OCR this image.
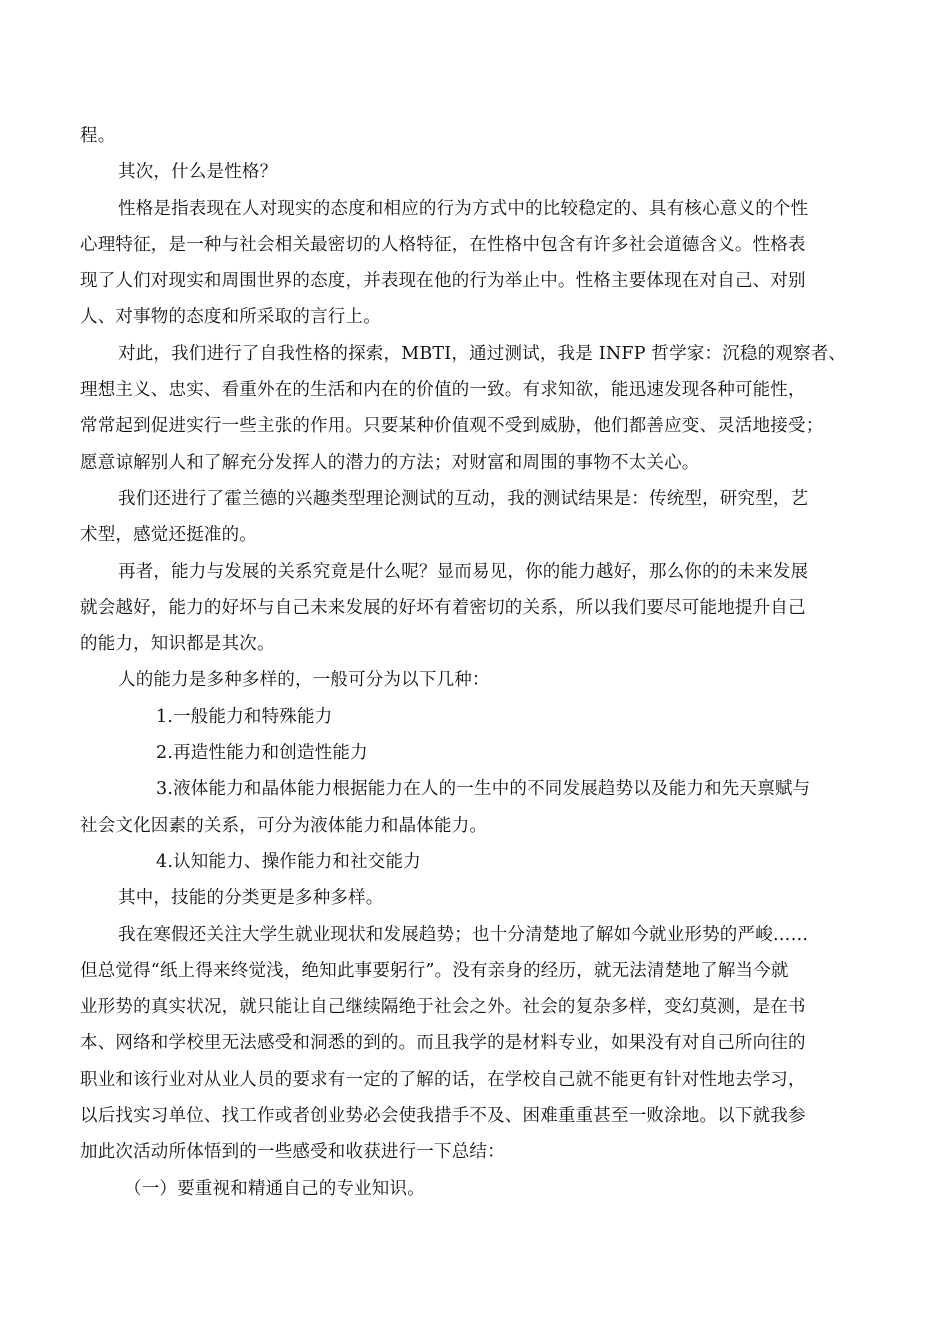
程。
其次，什么是性格？
性格是指表现在人对现实的态度和相应的行为方式中的比较稳定的、具有核心意义的个性
心理特征，是一种与社会相关最密切的人格特征，在性格中包含有许多社会道德含义。性格表
现了人们对现实和周围世界的态度，并表现在他的行为举止中。性格主要体现在对自己、对别
人、对事物的态度和所采取的言行上。
对此，我们进行了自我性格的探索，MBTI，通过测试，我是 INFP 哲学家：沉稳的观察者、
理想主义、忠实、看重外在的生活和内在的价值的一致。有求知欲，能迅速发现各种可能性，
常常起到促进实行一些主张的作用。只要某种价值观不受到威胁，他们都善应变、灵活地接受；
愿意谅解别人和了解充分发挥人的潜力的方法；对财富和周围的事物不太关心。
我们还进行了霍兰德的兴趣类型理论测试的互动，我的测试结果是：传统型，研究型，艺
术型，感觉还挺准的。
再者，能力与发展的关系究竟是什么呢？显而易见，你的能力越好，那么你的的未来发展
就会越好，能力的好坏与自己未来发展的好坏有着密切的关系，所以我们要尽可能地提升自己
的能力，知识都是其次。
人的能力是多种多样的，一般可分为以下几种：
1.一般能力和特殊能力
2.再造性能力和创造性能力
3.液体能力和晶体能力根据能力在人的一生中的不同发展趋势以及能力和先天禀赋与
社会文化因素的关系，可分为液体能力和晶体能力。
4.认知能力、操作能力和社交能力
其中，技能的分类更是多种多样。
我在寒假还关注大学生就业现状和发展趋势；也十分清楚地了解如今就业形势的严峻……
但总觉得“纸上得来终觉浅，绝知此事要躬行”。没有亲身的经历，就无法清楚地了解当今就
业形势的真实状况，就只能让自己继续隔绝于社会之外。社会的复杂多样，变幻莫测，是在书
本、网络和学校里无法感受和洞悉的到的。而且我学的是材料专业，如果没有对自己所向往的
职业和该行业对从业人员的要求有一定的了解的话，在学校自己就不能更有针对性地去学习，
以后找实习单位、找工作或者创业势必会使我措手不及、困难重重甚至一败涂地。以下就我参
加此次活动所体悟到的一些感受和收获进行一下总结：
（一）要重视和精通自己的专业知识。
